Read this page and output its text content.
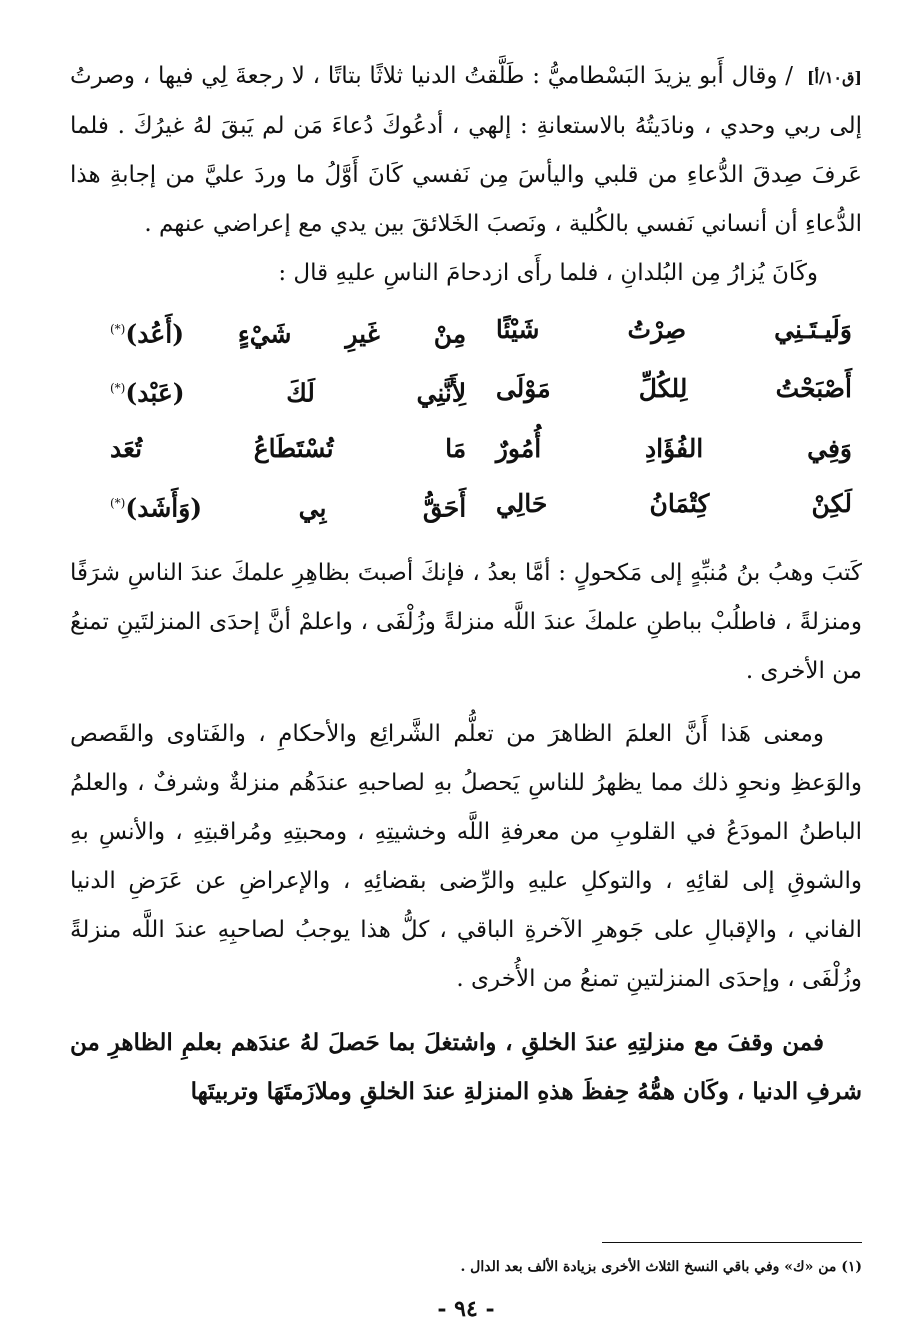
[ق١٠/أ]/ وقال أَبو يزيدَ البَسْطاميُّ : طَلَّقتُ الدنيا ثلاثًا بتاتًا ، لا رجعةَ لِي فيها ، وصرتُ إلى ربي وحدي ، ونادَيتُهُ بالاستعانةِ : إلهي ، أدعُوكَ دُعاءَ مَن لم يَبقَ لهُ غيرُكَ . فلما عَرفَ صِدقَ الدُّعاءِ من قلبي واليأسَ مِن نَفسي كَانَ أَوَّلُ ما وردَ عليَّ من إجابةِ هذا الدُّعاءِ أن أنساني نَفسي بالكُلية ، ونَصبَ الخَلائقَ بين يدي مع إعراضي عنهم .

وكَانَ يُزارُ مِن البُلدانِ ، فلما رأَى ازدحامَ الناسِ عليهِ قال :

وَلَيـتَـنِي صِرْتُ شَيْئًا
مِنْ غَيرِ شَيْءٍ (أَعُد)(*)
أَصْبَحْتُ لِلكُلِّ مَوْلَى
لِأَنَّنِي لَكَ (عَبْد)(*)
وَفِي الفُؤَادِ أُمُورٌ
مَا تُسْتَطَاعُ تُعَد
لَكِنْ كِتْمَانُ حَالِي
أَحَقُّ بِي (وَأَشَد)(*)

كَتبَ وهبُ بنُ مُنبِّهٍ إلى مَكحولٍ : أمَّا بعدُ ، فإنكَ أصبتَ بظاهِرِ علمكَ عندَ الناسِ شرَفًا ومنزلةً ، فاطلُبْ بباطنِ علمكَ عندَ اللَّه منزلةً وزُلْفَى ، واعلمْ أنَّ إحدَى المنزلتَينِ تمنعُ من الأخرى .

ومعنى هَذا أَنَّ العلمَ الظاهرَ من تعلُّم الشَّرائِع والأحكامِ ، والفَتاوى والقَصص والوَعظِ ونحوِ ذلك مما يظهرُ للناسِ يَحصلُ بهِ لصاحبهِ عندَهُم منزلةٌ وشرفٌ ، والعلمُ الباطنُ المودَعُ في القلوبِ من معرفةِ اللَّه وخشيتِهِ ، ومحبتِهِ ومُراقبتِهِ ، والأنسِ بهِ والشوقِ إلى لقائِهِ ، والتوكلِ عليهِ والرِّضى بقضائِهِ ، والإعراضِ عن عَرَضِ الدنيا الفاني ، والإقبالِ على جَوهرِ الآخرةِ الباقي ، كلُّ هذا يوجبُ لصاحبِهِ عندَ اللَّه منزلةً وزُلْفَى ، وإحدَى المنزلتينِ تمنعُ من الأُخرى .

فمن وقفَ مع منزلتِهِ عندَ الخلقِ ، واشتغلَ بما حَصلَ لهُ عندَهم بعلمِ الظاهرِ من شرفِ الدنيا ، وكَان همُّهُ حِفظَ هذهِ المنزلةِ عندَ الخلقِ وملازَمتَهَا وتربيتَها

(١) من «ك» وفي باقي النسخ الثلاث الأخرى بزيادة الألف بعد الدال .
- ٩٤ -
